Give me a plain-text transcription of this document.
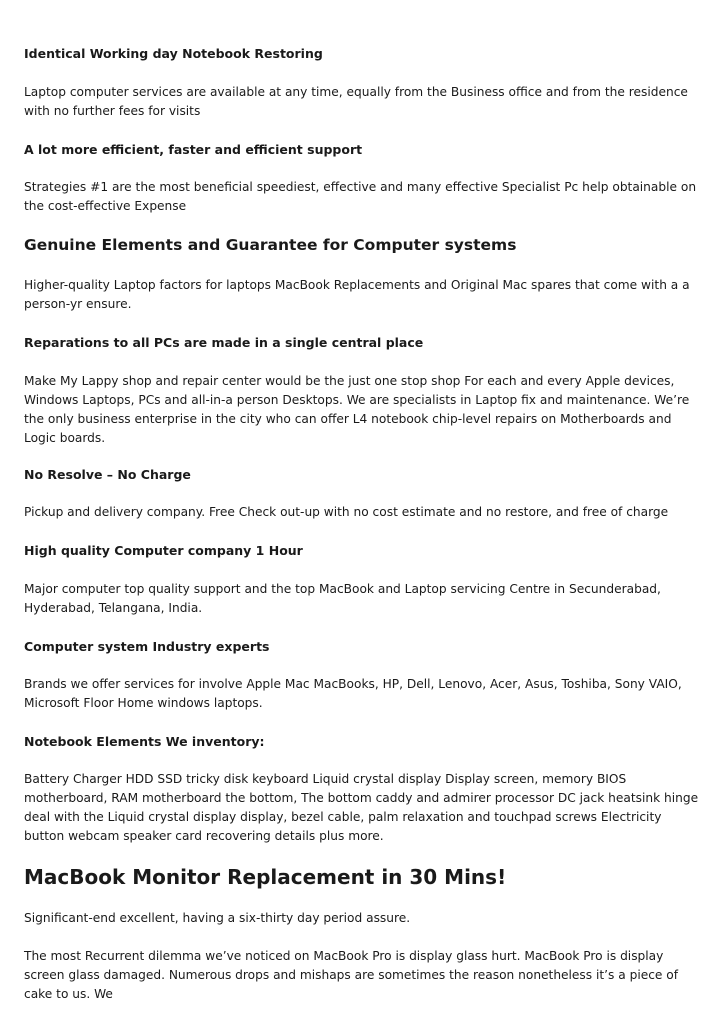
Identical Working day Notebook Restoring

Laptop computer services are available at any time, equally from the Business office and from the residence with no further fees for visits

A lot more efficient, faster and efficient support

Strategies #1 are the most beneficial speediest, effective and many effective Specialist Pc help obtainable on the cost-effective Expense

Genuine Elements and Guarantee for Computer systems

Higher-quality Laptop factors for laptops MacBook Replacements and Original Mac spares that come with a a person-yr ensure.

Reparations to all PCs are made in a single central place

Make My Lappy shop and repair center would be the just one stop shop For each and every Apple devices, Windows Laptops, PCs and all-in-a person Desktops. We are specialists in Laptop fix and maintenance. We’re the only business enterprise in the city who can offer L4 notebook chip-level repairs on Motherboards and Logic boards.

No Resolve – No Charge

Pickup and delivery company. Free Check out-up with no cost estimate and no restore, and free of charge

High quality Computer company 1 Hour

Major computer top quality support and the top MacBook and Laptop servicing Centre in Secunderabad, Hyderabad, Telangana, India.

Computer system Industry experts

Brands we offer services for involve Apple Mac MacBooks, HP, Dell, Lenovo, Acer, Asus, Toshiba, Sony VAIO, Microsoft Floor Home windows laptops.

Notebook Elements We inventory:

Battery Charger HDD SSD tricky disk keyboard Liquid crystal display Display screen, memory BIOS motherboard, RAM motherboard the bottom, The bottom caddy and admirer processor DC jack heatsink hinge deal with the Liquid crystal display display, bezel cable, palm relaxation and touchpad screws Electricity button webcam speaker card recovering details plus more.

MacBook Monitor Replacement in 30 Mins!

Significant-end excellent, having a six-thirty day period assure.

The most Recurrent dilemma we’ve noticed on MacBook Pro is display glass hurt. MacBook Pro is display screen glass damaged. Numerous drops and mishaps are sometimes the reason nonetheless it’s a piece of cake to us. We
